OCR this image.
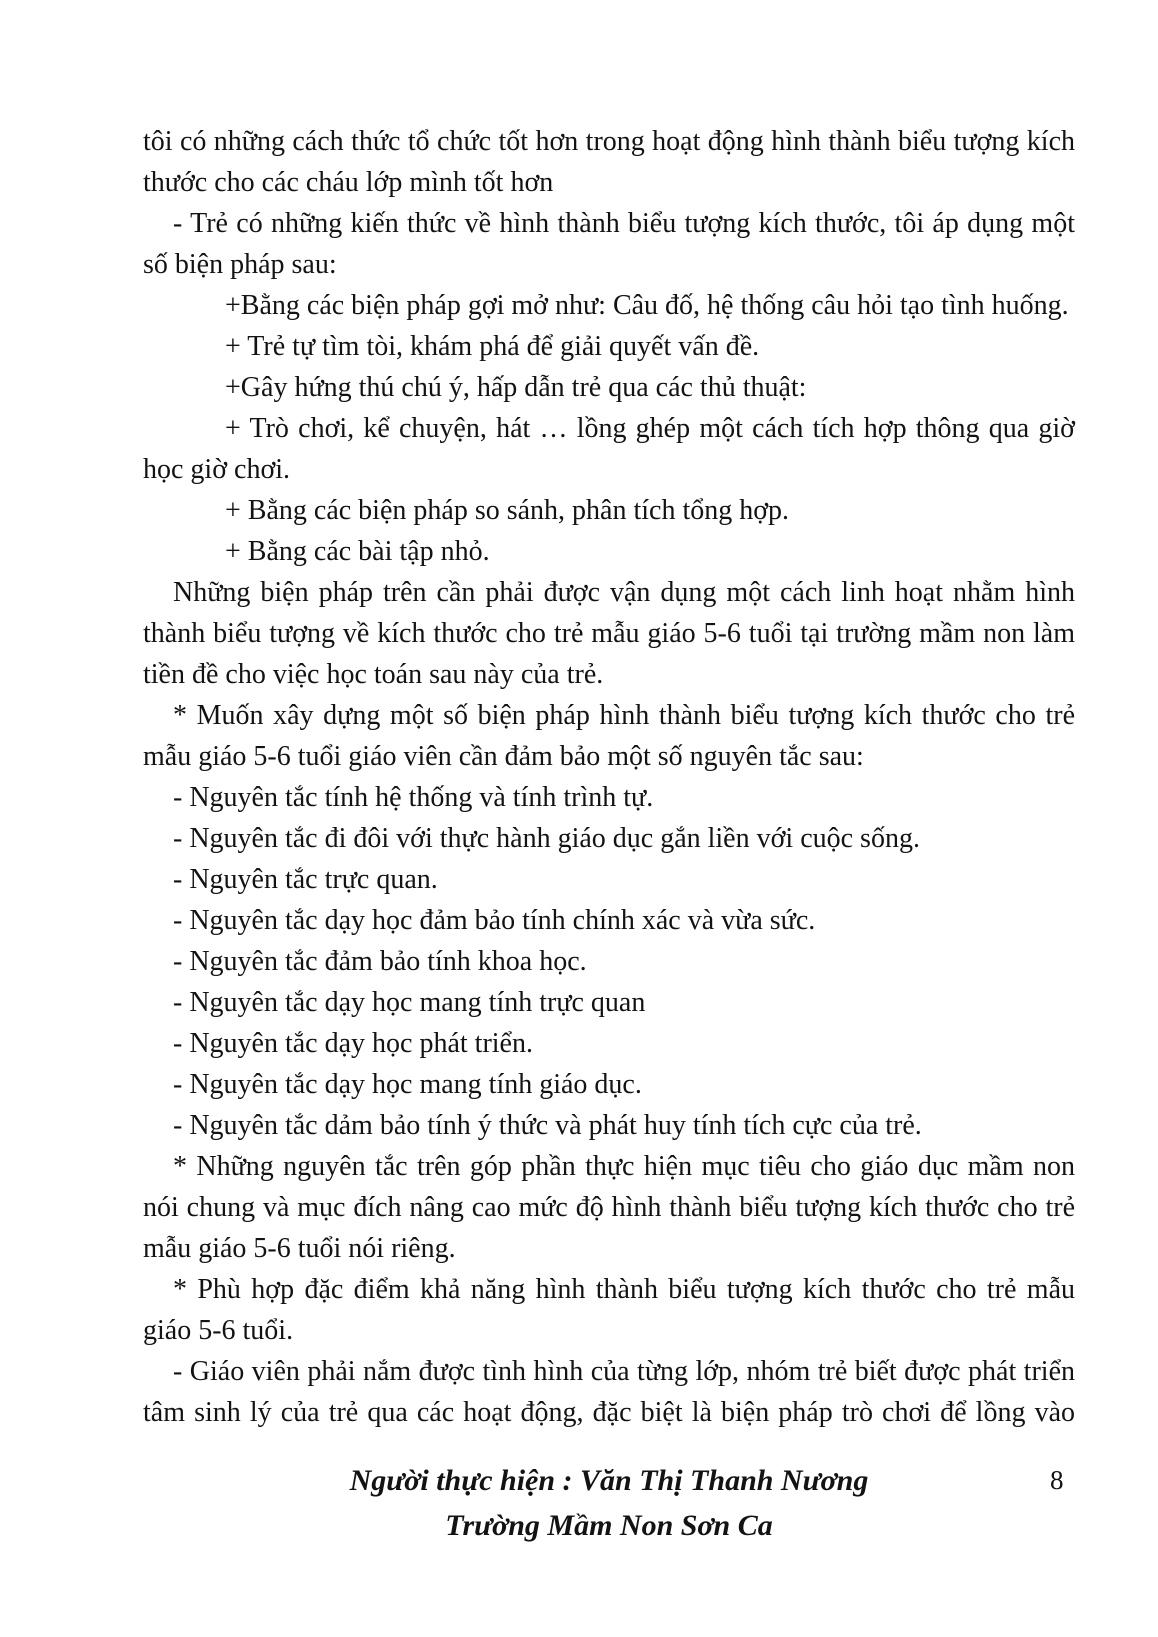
tôi có những cách thức tổ chức tốt hơn trong hoạt động hình thành biểu tượng kích
thước cho các cháu lớp mình tốt hơn
- Trẻ có những kiến thức về hình thành biểu tượng kích thước, tôi áp dụng một
số biện pháp sau:
+Bằng các biện pháp gợi mở như: Câu đố, hệ thống câu hỏi tạo tình huống.
+ Trẻ tự tìm tòi, khám phá để giải quyết vấn đề.
+Gây hứng thú chú ý, hấp dẫn trẻ qua các thủ thuật:
+ Trò chơi, kể chuyện, hát … lồng ghép một cách tích hợp thông qua giờ
học giờ chơi.
+ Bằng các biện pháp so sánh, phân tích tổng hợp.
+ Bằng các bài tập nhỏ.
Những biện pháp trên cần phải được vận dụng một cách linh hoạt nhằm hình
thành biểu tượng về kích thước cho trẻ mẫu giáo 5-6 tuổi tại trường mầm non làm
tiền đề cho việc học toán sau này của trẻ.
* Muốn xây dựng một số biện pháp hình thành biểu tượng kích thước cho trẻ
mẫu giáo 5-6 tuổi giáo viên cần đảm bảo một số nguyên tắc sau:
- Nguyên tắc tính hệ thống và tính trình tự.
- Nguyên tắc đi đôi với thực hành giáo dục gắn liền với cuộc sống.
- Nguyên tắc trực quan.
- Nguyên tắc dạy học đảm bảo tính chính xác và vừa sức.
- Nguyên tắc đảm bảo tính khoa học.
- Nguyên tắc dạy học mang tính trực quan
- Nguyên tắc dạy học phát triển.
- Nguyên tắc dạy học mang tính giáo dục.
- Nguyên tắc dảm bảo tính ý thức và phát huy tính tích cực của trẻ.
* Những nguyên tắc trên góp phần thực hiện mục tiêu cho giáo dục mầm non
nói chung và mục đích nâng cao mức độ hình thành biểu tượng kích thước cho trẻ
mẫu giáo 5-6 tuổi nói riêng.
* Phù hợp đặc điểm khả năng hình thành biểu tượng kích thước cho trẻ mẫu
giáo 5-6 tuổi.
- Giáo viên phải nắm được tình hình của từng lớp, nhóm trẻ biết được phát triển
tâm sinh lý của trẻ qua các hoạt động, đặc biệt là biện pháp trò chơi để lồng vào
Người thực hiện : Văn Thị Thanh Nương
Trường Mầm Non Sơn Ca
8
